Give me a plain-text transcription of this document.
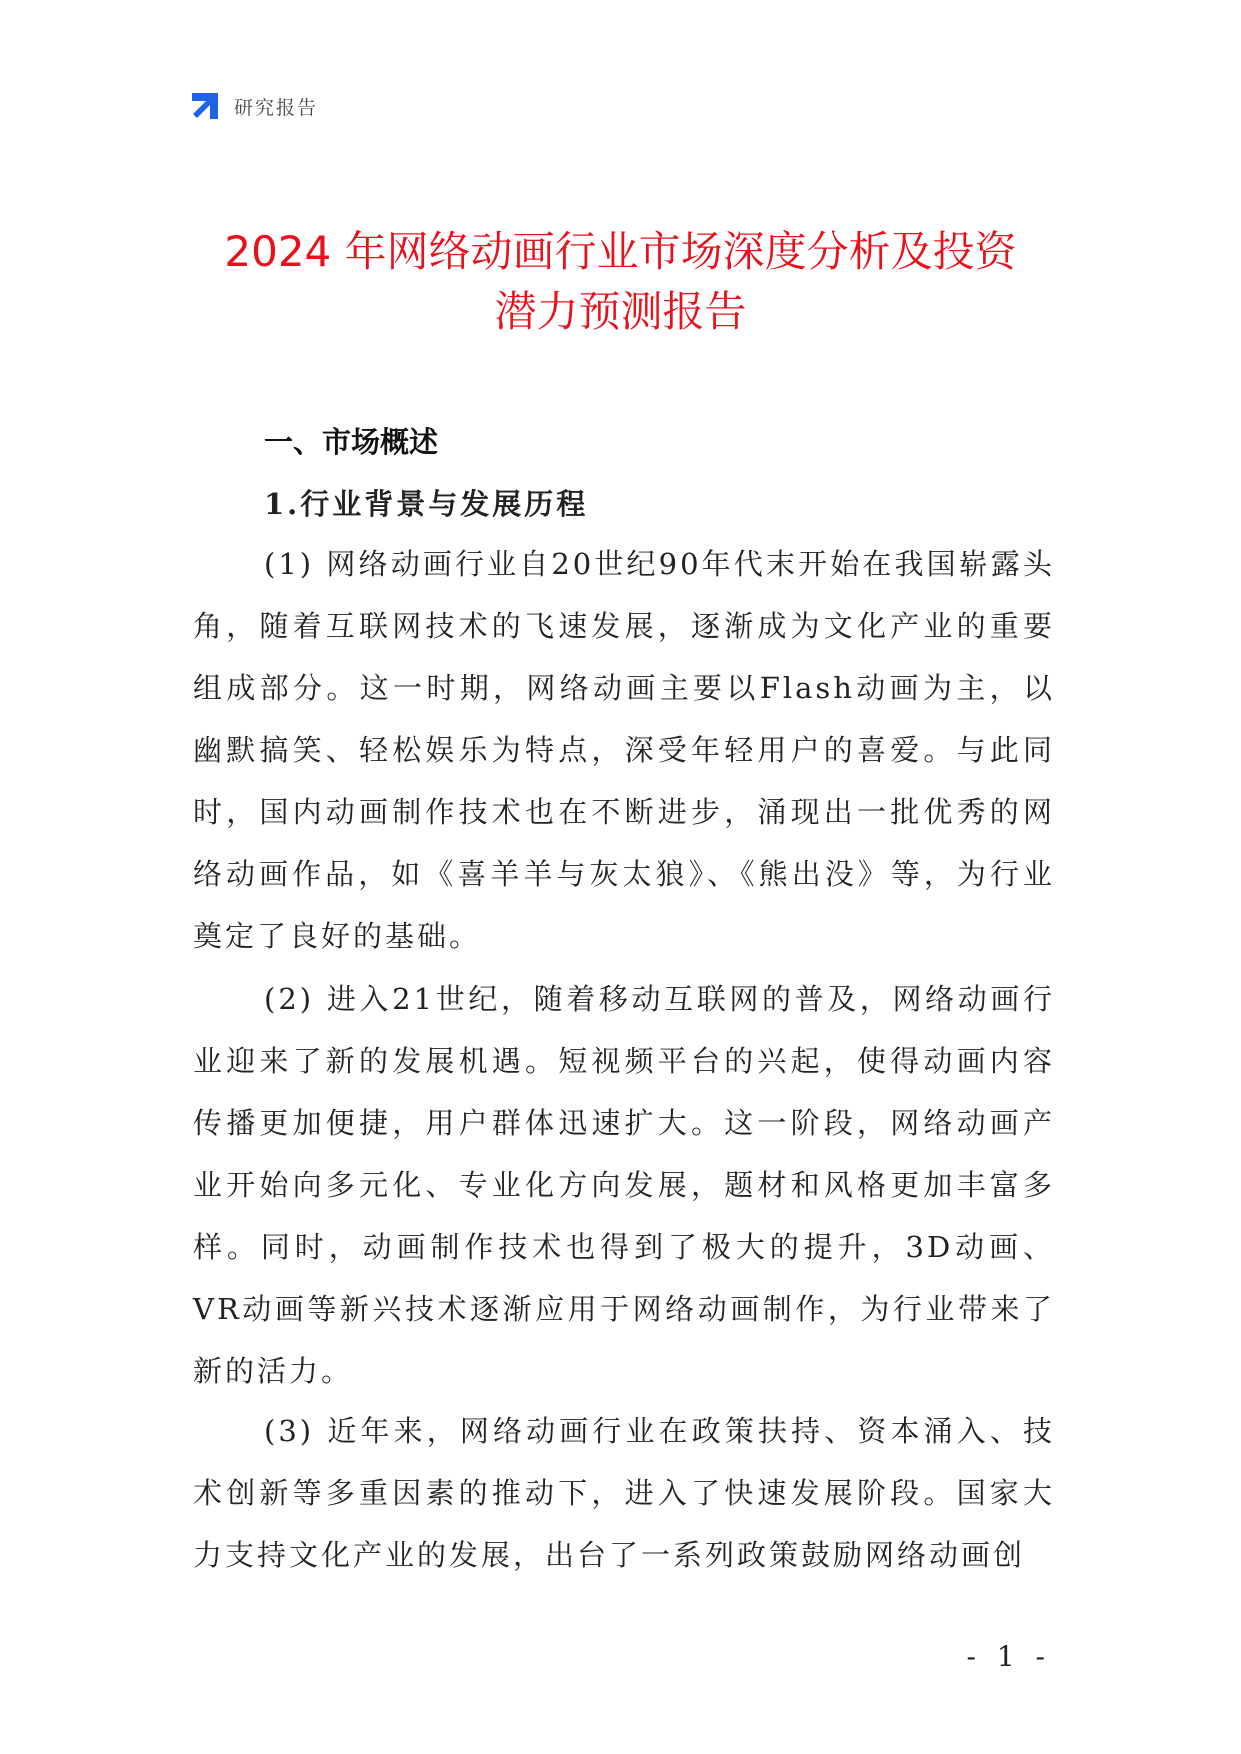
研究报告
2024 年网络动画行业市场深度分析及投资
潜力预测报告
一、市场概述
1.行业背景与发展历程

(1) 网络动画行业自20世纪90年代末开始在我国崭露头角，随着互联网技术的飞速发展，逐渐成为文化产业的重要组成部分。这一时期，网络动画主要以Flash动画为主，以幽默搞笑、轻松娱乐为特点，深受年轻用户的喜爱。与此同时，国内动画制作技术也在不断进步，涌现出一批优秀的网络动画作品，如《喜羊羊与灰太狼》、《熊出没》等，为行业奠定了良好的基础。

(2) 进入21世纪，随着移动互联网的普及，网络动画行业迎来了新的发展机遇。短视频平台的兴起，使得动画内容传播更加便捷，用户群体迅速扩大。这一阶段，网络动画产业开始向多元化、专业化方向发展，题材和风格更加丰富多样。同时，动画制作技术也得到了极大的提升，3D动画、VR动画等新兴技术逐渐应用于网络动画制作，为行业带来了新的活力。

(3) 近年来，网络动画行业在政策扶持、资本涌入、技术创新等多重因素的推动下，进入了快速发展阶段。国家大力支持文化产业的发展，出台了一系列政策鼓励网络动画创

- 1 -
